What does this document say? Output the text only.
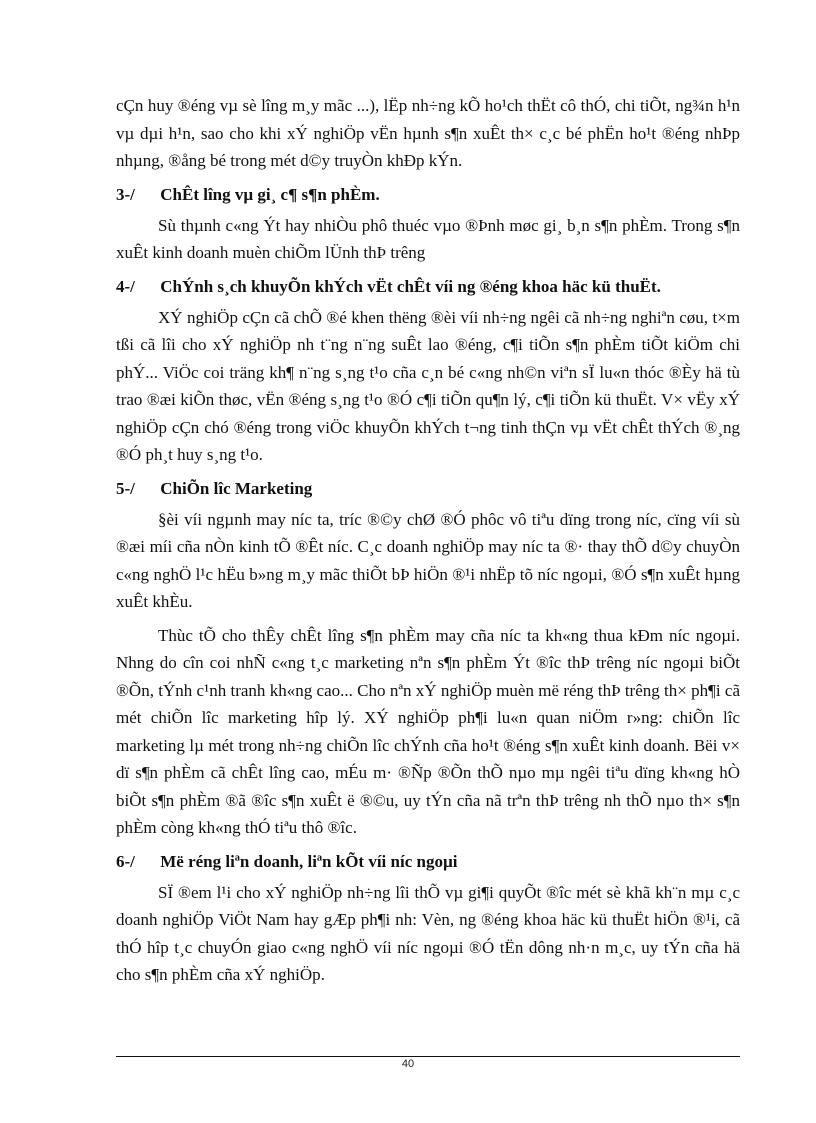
cÇn huy ®éng vµ sè lîng m¸y mãc ...), lËp nh÷ng kÕ ho¹ch thËt cô thÓ, chi tiÕt, ng¾n h¹n vµ dµi h¹n, sao cho khi xÝ nghiÖp vËn hµnh s¶n xuÊt th× c¸c bé phËn ho¹t ®éng nhÞp nhµng, ®ång bé trong mét d©y truyÒn khÐp kÝn.

3-/ ChÊt lîng vµ gi¸ c¶ s¶n phÈm.

Sù thµnh c«ng Ýt hay nhiÒu phô thuéc vµo ®Þnh møc gi¸ b¸n s¶n phÈm. Trong s¶n xuÊt kinh doanh muèn chiÕm lÜnh thÞ trêng

4-/ ChÝnh s¸ch khuyÕn khÝch vËt chÊt víi ng ®éng khoa häc kü thuËt.

XÝ nghiÖp cÇn cã chÕ ®é khen thëng ®èi víi nh÷ng ngêi cã nh÷ng nghiªn cøu, t×m tßi cã lîi cho xÝ nghiÖp nh t¨ng n¨ng suÊt lao ®éng, c¶i tiÕn s¶n phÈm tiÕt kiÖm chi phÝ... ViÖc coi träng kh¶ n¨ng s¸ng t¹o cña c¸n bé c«ng nh©n viªn sÏ lu«n thóc ®Èy hä tù trao ®æi kiÕn thøc, vËn ®éng s¸ng t¹o ®Ó c¶i tiÕn qu¶n lý, c¶i tiÕn kü thuËt. V× vËy xÝ nghiÖp cÇn chó ®éng trong viÖc khuyÕn khÝch t¬ng tinh thÇn vµ vËt chÊt thÝch ®¸ng ®Ó ph¸t huy s¸ng t¹o.

5-/ ChiÕn lîc Marketing

§èi víi ngµnh may níc ta, tríc ®©y chØ ®Ó phôc vô tiªu dïng trong níc, cïng víi sù ®æi míi cña nÒn kinh tÕ ®Êt níc. C¸c doanh nghiÖp may níc ta ®· thay thÕ d©y chuyÒn c«ng nghÖ l¹c hËu b»ng m¸y mãc thiÕt bÞ hiÖn ®¹i nhËp tõ níc ngoµi, ®Ó s¶n xuÊt hµng xuÊt khÈu.

Thùc tÕ cho thÊy chÊt lîng s¶n phÈm may cña níc ta kh«ng thua kÐm níc ngoµi. Nhng do cîn coi nhÑ c«ng t¸c marketing nªn s¶n phÈm Ýt ®îc thÞ trêng níc ngoµi biÕt ®Õn, tÝnh c¹nh tranh kh«ng cao... Cho nªn xÝ nghiÖp muèn më réng thÞ trêng th× ph¶i cã mét chiÕn lîc marketing hîp lý. XÝ nghiÖp ph¶i lu«n quan niÖm r»ng: chiÕn lîc marketing lµ mét trong nh÷ng chiÕn lîc chÝnh cña ho¹t ®éng s¶n xuÊt kinh doanh. Bëi v× dï s¶n phÈm cã chÊt lîng cao, mÉu m· ®Ñp ®Õn thÕ nµo mµ ngêi tiªu dïng kh«ng hÒ biÕt s¶n phÈm ®ã ®îc s¶n xuÊt ë ®©u, uy tÝn cña nã trªn thÞ trêng nh thÕ nµo th× s¶n phÈm còng kh«ng thÓ tiªu thô ®îc.

6-/ Më réng liªn doanh, liªn kÕt víi níc ngoµi

SÏ ®em l¹i cho xÝ nghiÖp nh÷ng lîi thÕ vµ gi¶i quyÕt ®îc mét sè khã kh¨n mµ c¸c doanh nghiÖp ViÖt Nam hay gÆp ph¶i nh: Vèn, ng ®éng khoa häc kü thuËt hiÖn ®¹i, cã thÓ hîp t¸c chuyÓn giao c«ng nghÖ víi níc ngoµi ®Ó tËn dông nh·n m¸c, uy tÝn cña hä cho s¶n phÈm cña xÝ nghiÖp.

40
